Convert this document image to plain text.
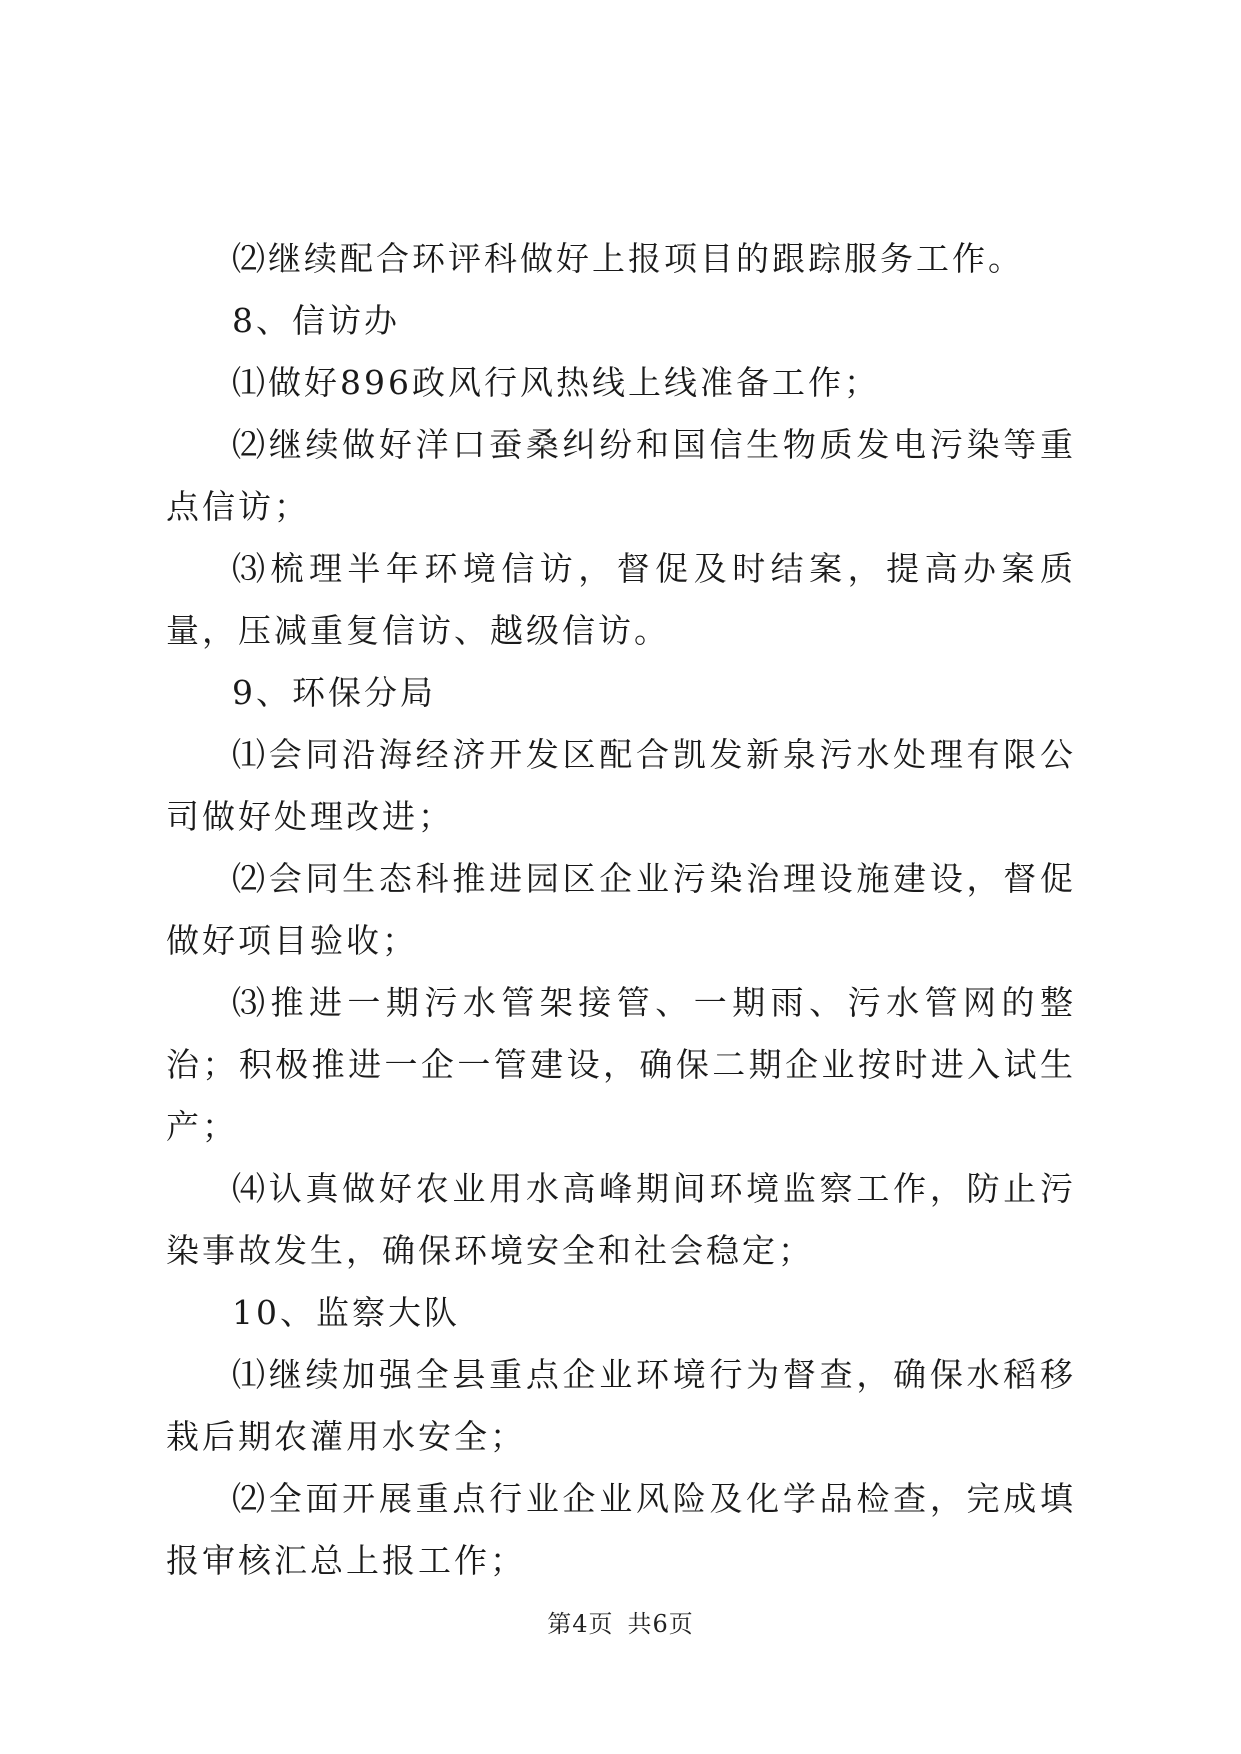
⑵继续配合环评科做好上报项目的跟踪服务工作。

8、信访办

⑴做好896政风行风热线上线准备工作；

⑵继续做好洋口蚕桑纠纷和国信生物质发电污染等重点信访；

⑶梳理半年环境信访，督促及时结案，提高办案质量，压减重复信访、越级信访。

9、环保分局

⑴会同沿海经济开发区配合凯发新泉污水处理有限公司做好处理改进；

⑵会同生态科推进园区企业污染治理设施建设，督促做好项目验收；

⑶推进一期污水管架接管、一期雨、污水管网的整治；积极推进一企一管建设，确保二期企业按时进入试生产；

⑷认真做好农业用水高峰期间环境监察工作，防止污染事故发生，确保环境安全和社会稳定；

10、监察大队

⑴继续加强全县重点企业环境行为督查，确保水稻移栽后期农灌用水安全；

⑵全面开展重点行业企业风险及化学品检查，完成填报审核汇总上报工作；

第4页 共6页
